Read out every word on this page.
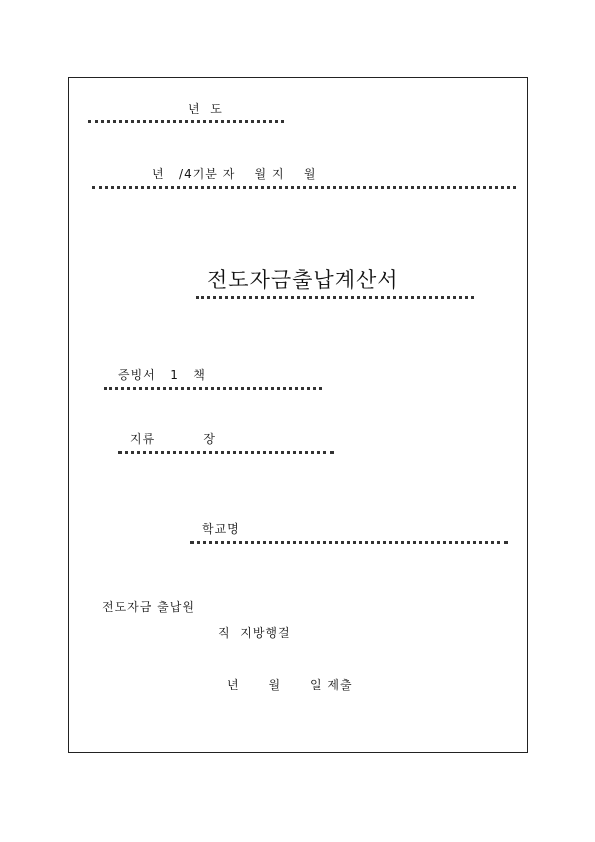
년  도
년   /4기분 자    월 지    월
전도자금출납계산서
증빙서   1   책
지류          장
학교명
전도자금 출납원
직  지방행걸
년      월      일 제출
